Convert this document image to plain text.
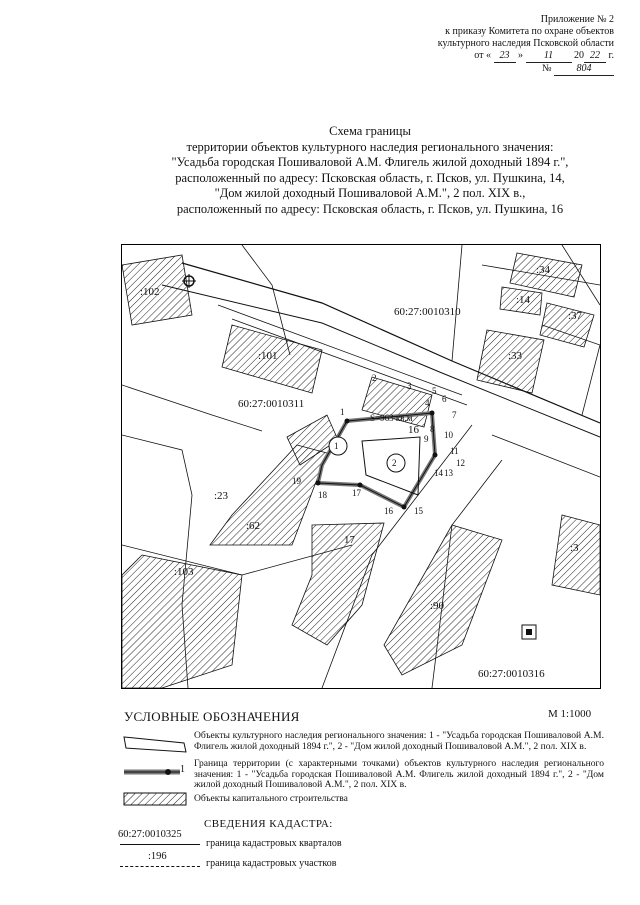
Приложение № 2
к приказу Комитета по охране объектов
культурного наследия Псковской области
от « 23 » 11 20 22 г.
№	804
Схема границы
территории объектов культурного наследия регионального значения:
"Усадьба городская Пошиваловой А.М. Флигель жилой доходный 1894 г.",
расположенный по адресу: Псковская область, г. Псков, ул. Пушкина, 14,
"Дом жилой доходный Пошиваловой А.М.", 2 пол. XIX в.,
расположенный по адресу: Псковская область, г. Псков, ул. Пушкина, 16
:102
:101
:34
:14
:37
:33
16
:23
:62
:103
17
:90
:3
60:27:0010310
60:27:0010311
60:27:0010316
S=963 кв.м
1
2
1
2
3
4
5
6
7
8
9 10
11
12
13
14
15
16
17
18
19
УСЛОВНЫЕ ОБОЗНАЧЕНИЯ	М 1:1000
Объекты культурного наследия регионального значения: 1 - "Усадьба городская Пошиваловой А.М. Флигель жилой доходный 1894 г.", 2 - "Дом жилой доходный Пошиваловой А.М.", 2 пол. XIX в.
1
Граница территории (с характерными точками) объектов культурного наследия регионального значения: 1 - "Усадьба городская Пошиваловой А.М. Флигель жилой доходный 1894 г.", 2 - "Дом жилой доходный Пошиваловой А.М.", 2 пол. XIX в.
Объекты капитального строительства
СВЕДЕНИЯ КАДАСТРА:
60:27:0010325
граница кадастровых кварталов
:196
граница кадастровых участков
